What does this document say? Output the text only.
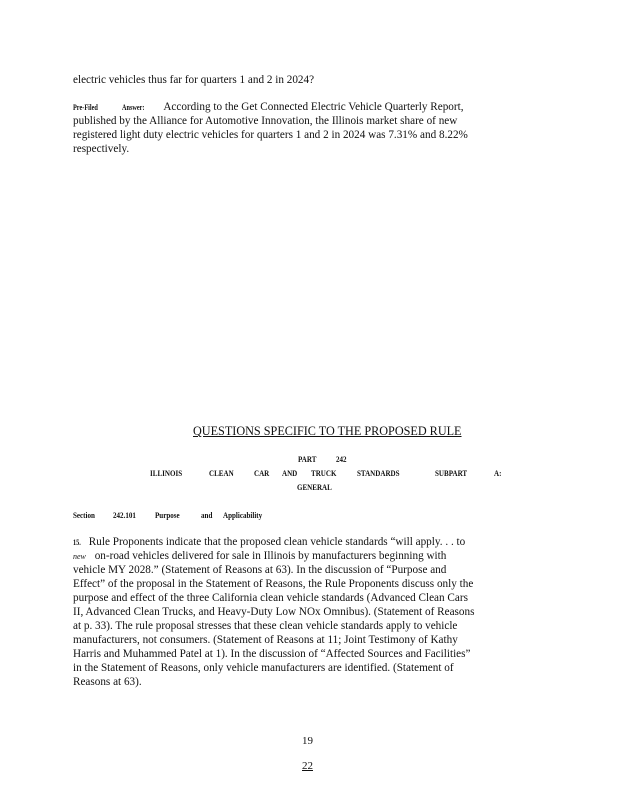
electric vehicles thus far for quarters 1 and 2 in 2024?
Pre-Filed	Answer: According to the Get Connected Electric Vehicle Quarterly Report,
published by the Alliance for Automotive Innovation, the Illinois market share of new
registered light duty electric vehicles for quarters 1 and 2 in 2024 was 7.31% and 8.22%
respectively.
QUESTIONS SPECIFIC TO THE PROPOSED RULE
PART 242
ILLINOIS	CLEAN CAR AND TRUCK STANDARDS	SUBPART	A:
GENERAL
Section 242.101 Purpose and Applicability
15. Rule Proponents indicate that the proposed clean vehicle standards “will apply. . . to
new on-road vehicles delivered for sale in Illinois by manufacturers beginning with
vehicle MY 2028.” (Statement of Reasons at 63). In the discussion of “Purpose and
Effect” of the proposal in the Statement of Reasons, the Rule Proponents discuss only the
purpose and effect of the three California clean vehicle standards (Advanced Clean Cars
II, Advanced Clean Trucks, and Heavy-Duty Low NOx Omnibus). (Statement of Reasons
at p. 33). The rule proposal stresses that these clean vehicle standards apply to vehicle
manufacturers, not consumers. (Statement of Reasons at 11; Joint Testimony of Kathy
Harris and Muhammed Patel at 1). In the discussion of “Affected Sources and Facilities”
in the Statement of Reasons, only vehicle manufacturers are identified. (Statement of
Reasons at 63).
19
22
